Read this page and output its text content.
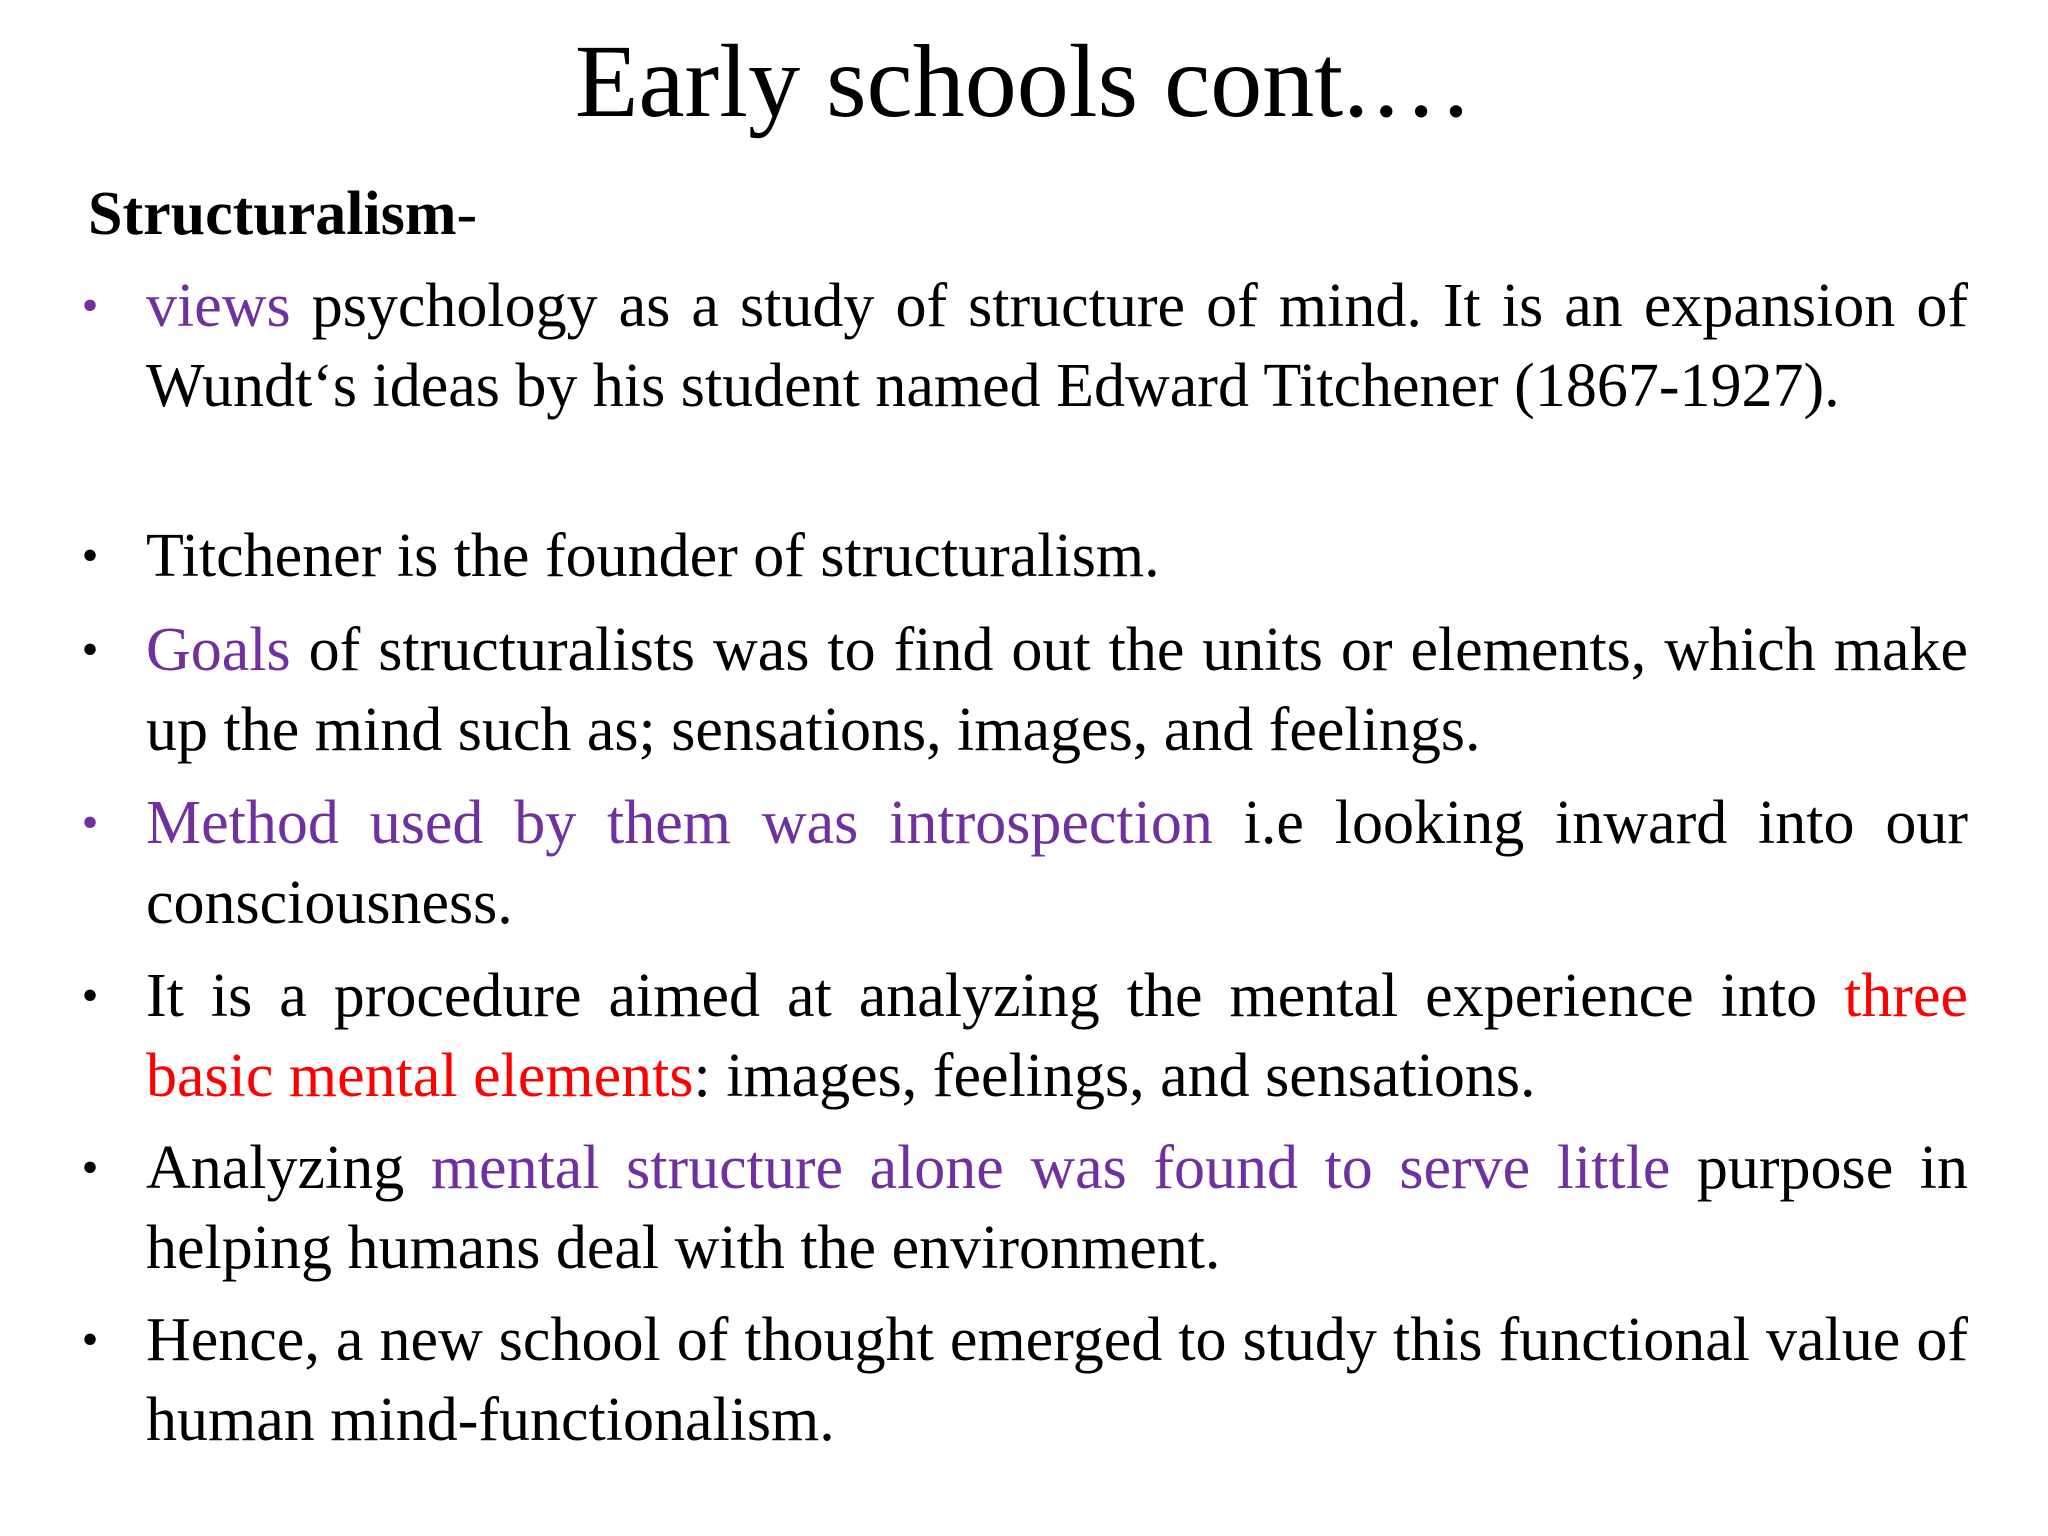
Early schools cont.…
Structuralism-
• views psychology as a study of structure of mind. It is an expansion of Wundt‘s ideas by his student named Edward Titchener (1867-1927).
• Titchener is the founder of structuralism.
• Goals of structuralists was to find out the units or elements, which make up the mind such as; sensations, images, and feelings.
• Method used by them was introspection i.e looking inward into our consciousness.
• It is a procedure aimed at analyzing the mental experience into three basic mental elements: images, feelings, and sensations.
• Analyzing mental structure alone was found to serve little purpose in helping humans deal with the environment.
• Hence, a new school of thought emerged to study this functional value of human mind-functionalism.
